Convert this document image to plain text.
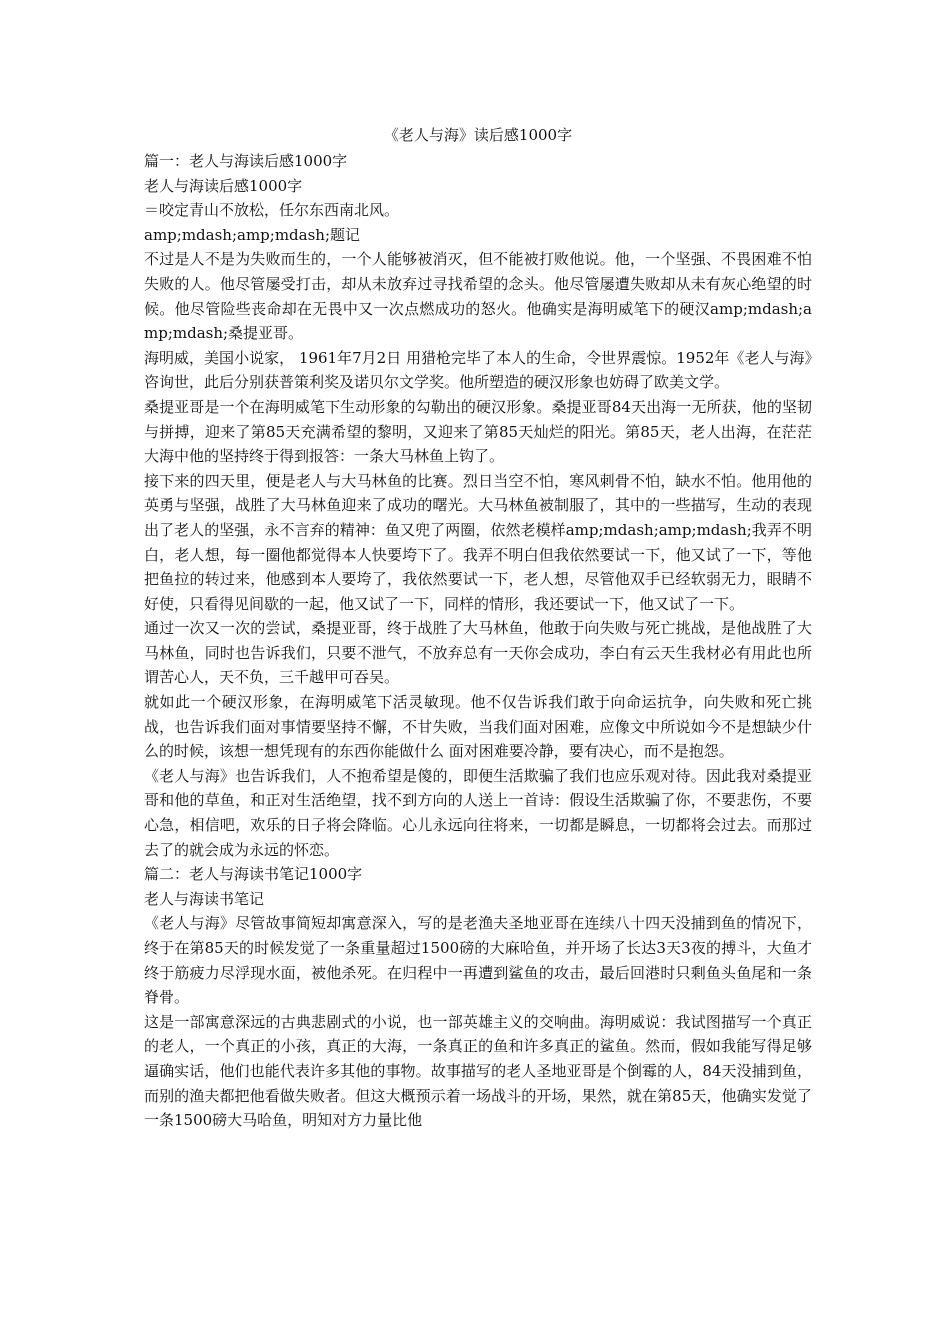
《老人与海》读后感1000字

篇一：老人与海读后感1000字

老人与海读后感1000字

＝咬定青山不放松，任尔东西南北风。

amp;mdash;amp;mdash;题记

不过是人不是为失败而生的，一个人能够被消灭，但不能被打败他说。他，一个坚强、不畏困难不怕失败的人。他尽管屡受打击，却从未放弃过寻找希望的念头。他尽管屡遭失败却从未有灰心绝望的时候。他尽管险些丧命却在无畏中又一次点燃成功的怒火。他确实是海明威笔下的硬汉amp;mdash;amp;mdash;桑提亚哥。

海明威，美国小说家， 1961年7月2日 用猎枪完毕了本人的生命，令世界震惊。1952年《老人与海》咨询世，此后分别获普策利奖及诺贝尔文学奖。他所塑造的硬汉形象也妨碍了欧美文学。

桑提亚哥是一个在海明威笔下生动形象的勾勒出的硬汉形象。桑提亚哥84天出海一无所获，他的坚韧与拼搏，迎来了第85天充满希望的黎明，又迎来了第85天灿烂的阳光。第85天，老人出海，在茫茫大海中他的坚持终于得到报答：一条大马林鱼上钩了。

接下来的四天里，便是老人与大马林鱼的比赛。烈日当空不怕，寒风刺骨不怕，缺水不怕。他用他的英勇与坚强，战胜了大马林鱼迎来了成功的曙光。大马林鱼被制服了，其中的一些描写，生动的表现出了老人的坚强，永不言弃的精神：鱼又兜了两圈，依然老模样amp;mdash;amp;mdash;我弄不明白，老人想，每一圈他都觉得本人快要垮下了。我弄不明白但我依然要试一下，他又试了一下，等他把鱼拉的转过来，他感到本人要垮了，我依然要试一下，老人想，尽管他双手已经软弱无力，眼睛不好使，只看得见间歇的一起，他又试了一下，同样的情形，我还要试一下，他又试了一下。

通过一次又一次的尝试，桑提亚哥，终于战胜了大马林鱼，他敢于向失败与死亡挑战，是他战胜了大马林鱼，同时也告诉我们，只要不泄气，不放弃总有一天你会成功，李白有云天生我材必有用此也所谓苦心人，天不负，三千越甲可吞吴。

就如此一个硬汉形象，在海明威笔下活灵敏现。他不仅告诉我们敢于向命运抗争，向失败和死亡挑战，也告诉我们面对事情要坚持不懈，不甘失败，当我们面对困难，应像文中所说如今不是想缺少什么的时候，该想一想凭现有的东西你能做什么 面对困难要冷静，要有决心，而不是抱怨。

《老人与海》也告诉我们，人不抱希望是傻的，即便生活欺骗了我们也应乐观对待。因此我对桑提亚哥和他的草鱼，和正对生活绝望，找不到方向的人送上一首诗：假设生活欺骗了你，不要悲伤，不要心急，相信吧，欢乐的日子将会降临。心儿永远向往将来，一切都是瞬息，一切都将会过去。而那过去了的就会成为永远的怀恋。

篇二：老人与海读书笔记1000字

老人与海读书笔记

《老人与海》尽管故事简短却寓意深入，写的是老渔夫圣地亚哥在连续八十四天没捕到鱼的情况下，终于在第85天的时候发觉了一条重量超过1500磅的大麻哈鱼，并开场了长达3天3夜的搏斗，大鱼才终于筋疲力尽浮现水面，被他杀死。在归程中一再遭到鲨鱼的攻击，最后回港时只剩鱼头鱼尾和一条脊骨。

这是一部寓意深远的古典悲剧式的小说，也一部英雄主义的交响曲。海明威说：我试图描写一个真正的老人，一个真正的小孩，真正的大海，一条真正的鱼和许多真正的鲨鱼。然而，假如我能写得足够逼确实话，他们也能代表许多其他的事物。故事描写的老人圣地亚哥是个倒霉的人，84天没捕到鱼，而别的渔夫都把他看做失败者。但这大概预示着一场战斗的开场，果然，就在第85天，他确实发觉了一条1500磅大马哈鱼，明知对方力量比他
